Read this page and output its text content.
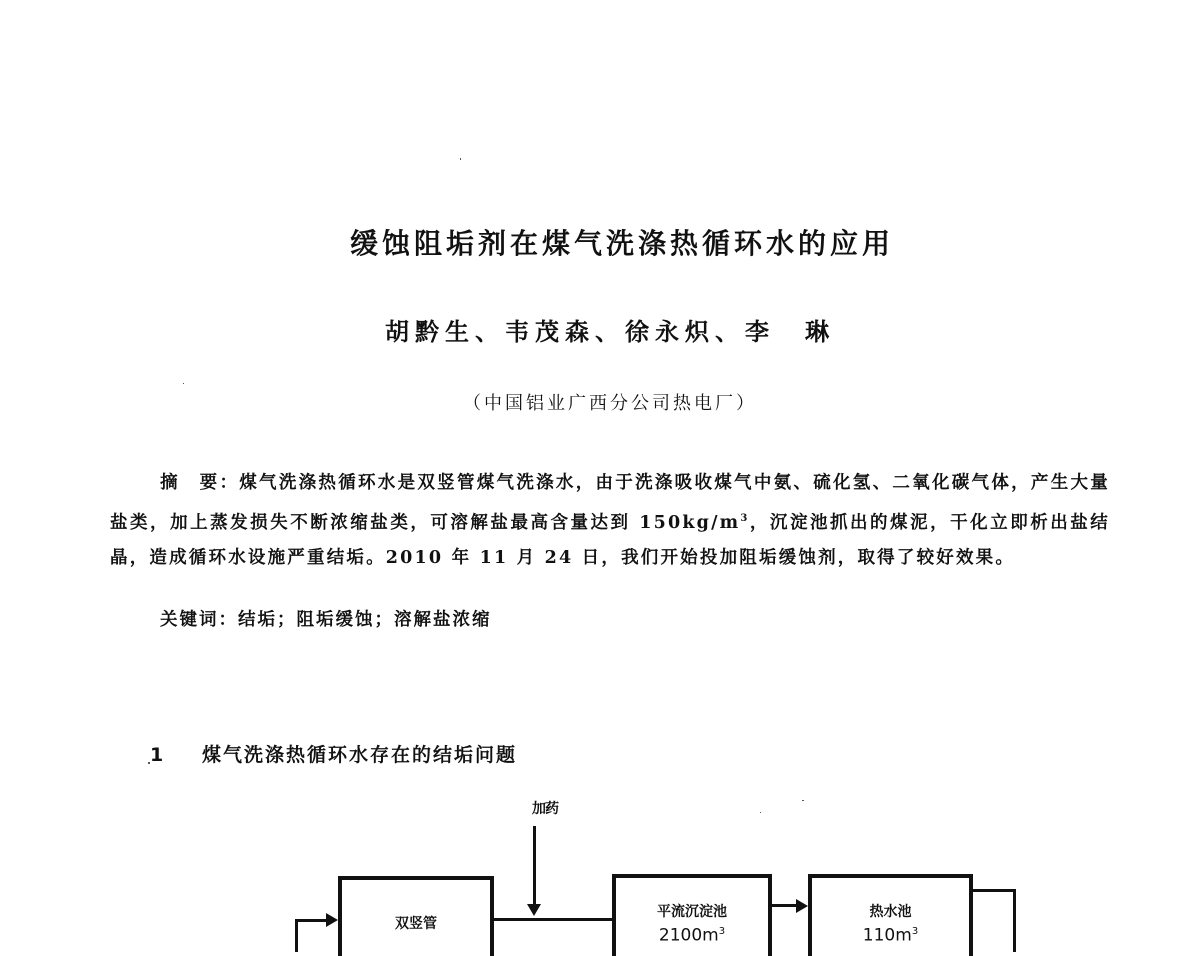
缓蚀阻垢剂在煤气洗涤热循环水的应用
胡黔生、韦茂森、徐永炽、李　琳
（中国铝业广西分公司热电厂）
摘　要：煤气洗涤热循环水是双竖管煤气洗涤水，由于洗涤吸收煤气中氨、硫化氢、二氧化碳气体，产生大量盐类，加上蒸发损失不断浓缩盐类，可溶解盐最高含量达到 $150kg/m^3$，沉淀池抓出的煤泥，干化立即析出盐结晶，造成循环水设施严重结垢。2010 年 11 月 24 日，我们开始投加阻垢缓蚀剂，取得了较好效果。
关键词：结垢；阻垢缓蚀；溶解盐浓缩
1 煤气洗涤热循环水存在的结垢问题
加药
双竖管
平流沉淀池
$2100m^3$
热水池
$110m^3$
